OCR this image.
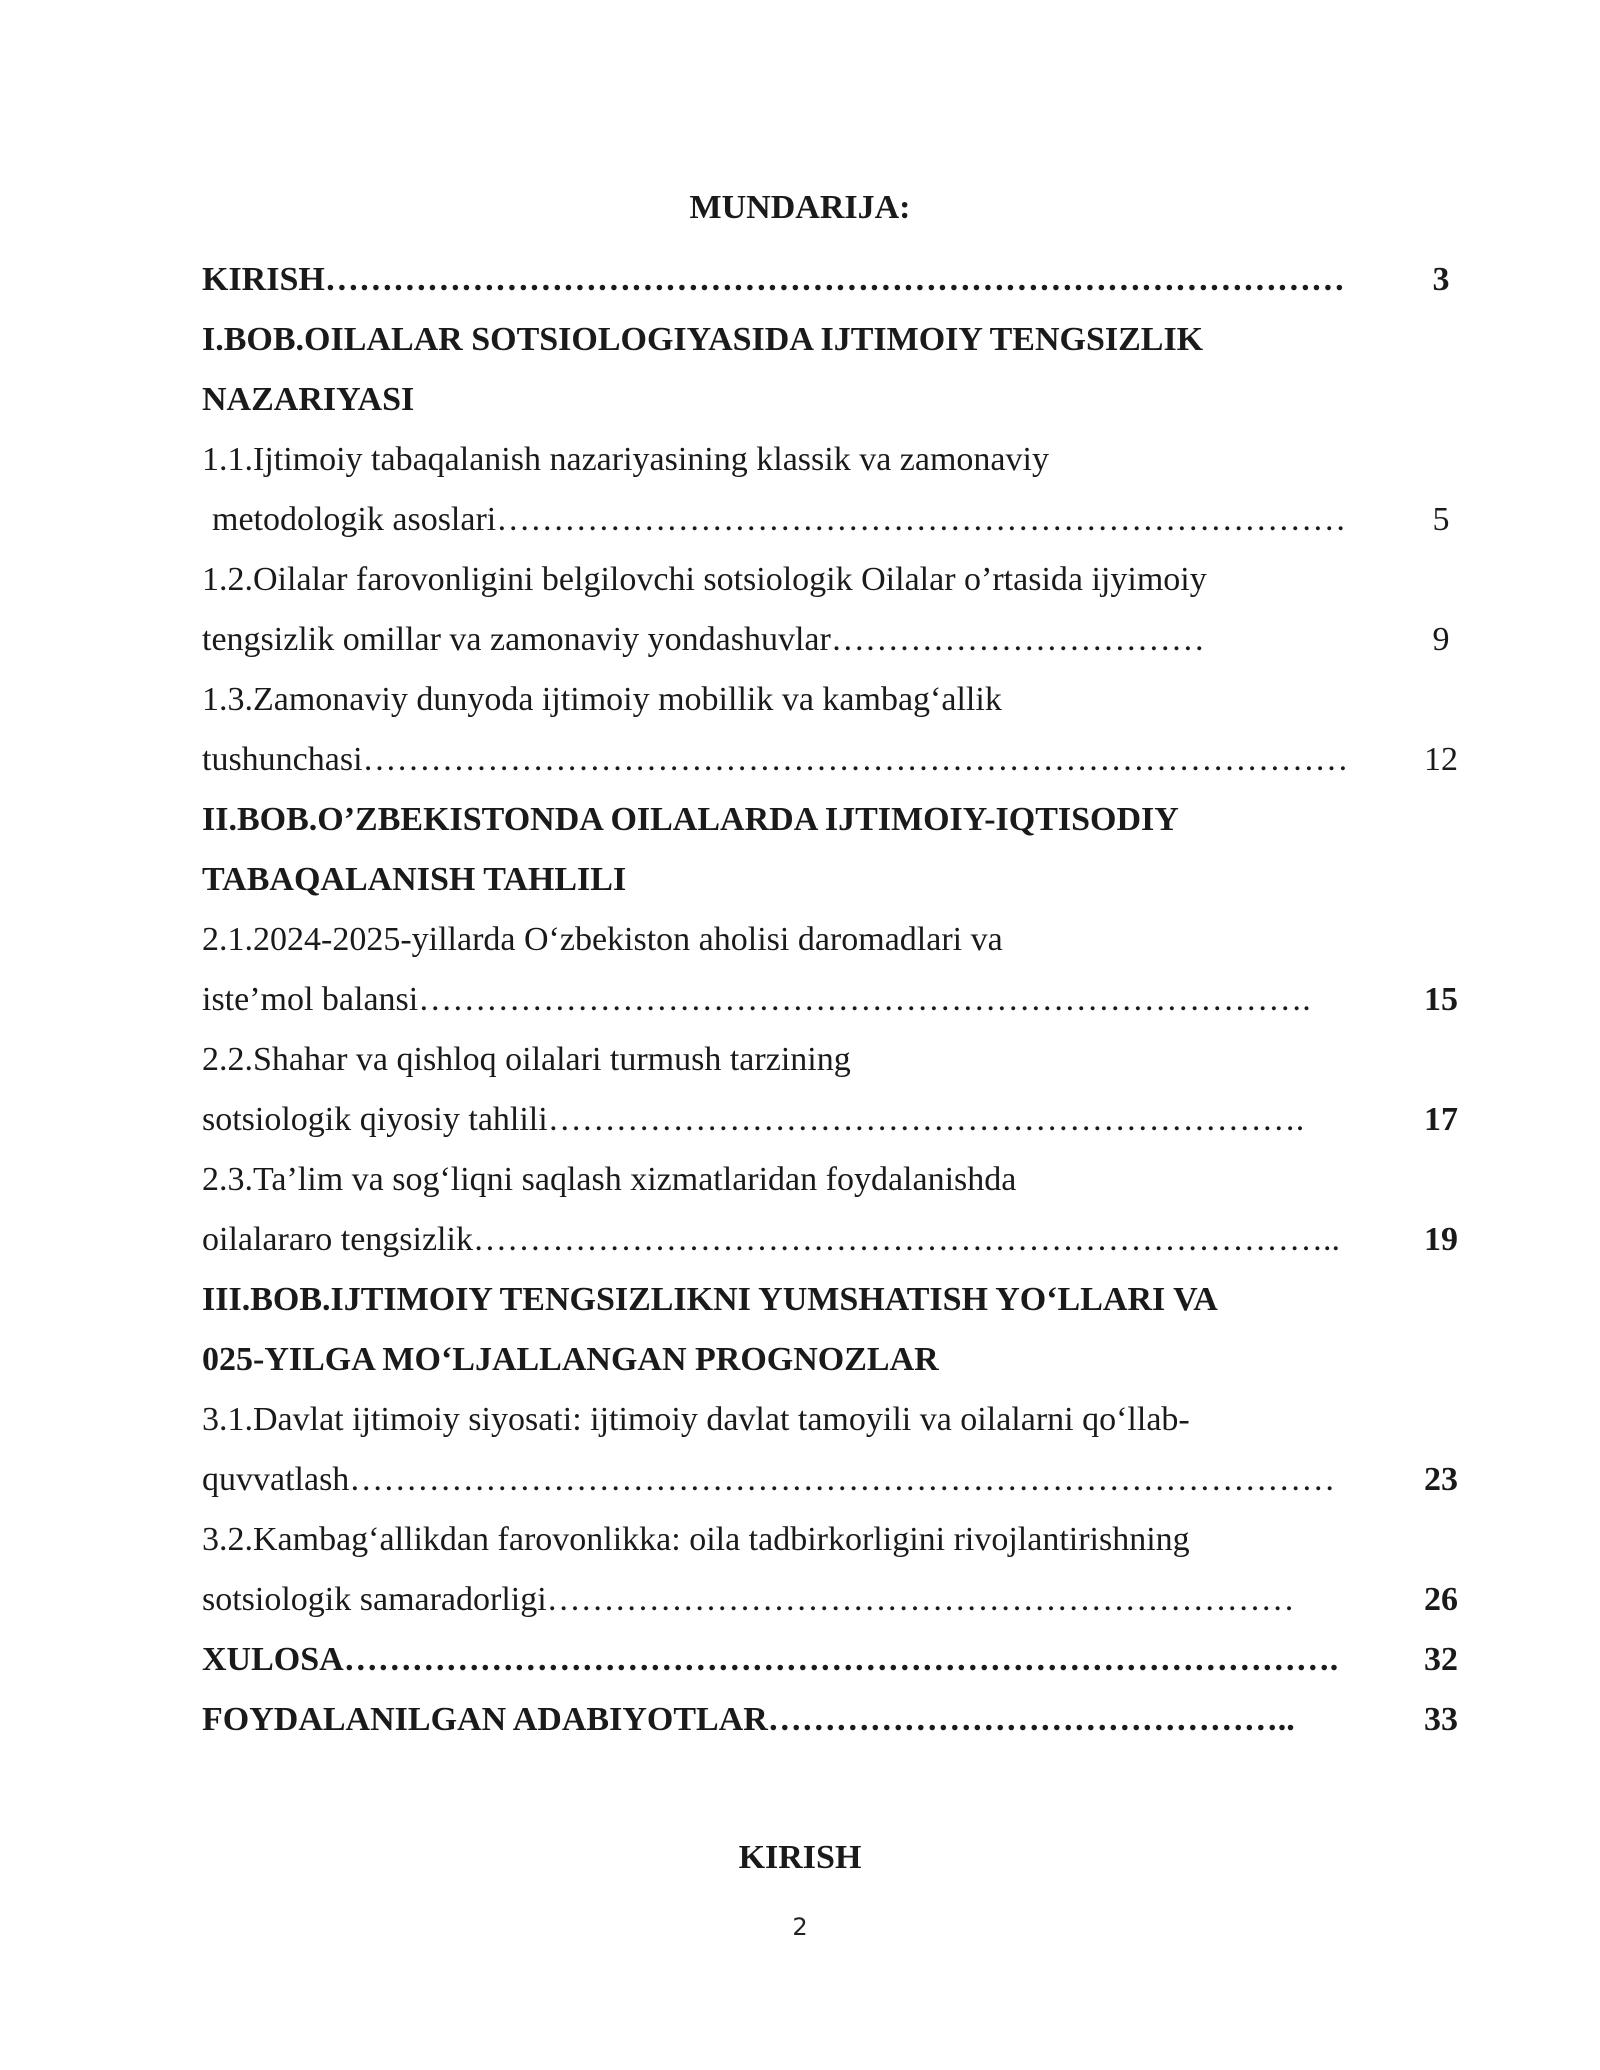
MUNDARIJA:
KIRISH………………………………………………………………………………	3
I.BOB.OILALAR SOTSIOLOGIYASIDA IJTIMOIY TENGSIZLIK
NAZARIYASI
1.1.Ijtimoiy tabaqalanish nazariyasining klassik va zamonaviy
metodologik asoslari…………………………………………………………………	5
1.2.Oilalar farovonligini belgilovchi sotsiologik Oilalar o’rtasida ijyimoiy
tengsizlik omillar va zamonaviy yondashuvlar……………………………	9
1.3.Zamonaviy dunyoda ijtimoiy mobillik va kambag‘allik
tushunchasi…………………………………………………………………………… 12
II.BOB.O’ZBEKISTONDA OILALARDA IJTIMOIY-IQTISODIY
TABAQALANISH TAHLILI
2.1.2024-2025-yillarda O‘zbekiston aholisi daromadlari va
iste’mol balansi…………………………………………………………………….	15
2.2.Shahar va qishloq oilalari turmush tarzining
sotsiologik qiyosiy tahlili………………………………………………………….	17
2.3.Ta’lim va sog‘liqni saqlash xizmatlaridan foydalanishda
oilalararo tengsizlik………………………………………………………………….. 19
III.BOB.IJTIMOIY TENGSIZLIKNI YUMSHATISH YO‘LLARI VA
025-YILGA MO‘LJALLANGAN PROGNOZLAR
3.1.Davlat ijtimoiy siyosati: ijtimoiy davlat tamoyili va oilalarni qo‘llab-
quvvatlash……………………………………………………………………………	23
3.2.Kambag‘allikdan farovonlikka: oila tadbirkorligini rivojlantirishning
sotsiologik samaradorligi…………………………………………………………	26
XULOSA…………………………………………………………………………….	32
FOYDALANILGAN ADABIYOTLAR………………………………………..	33
KIRISH
2
